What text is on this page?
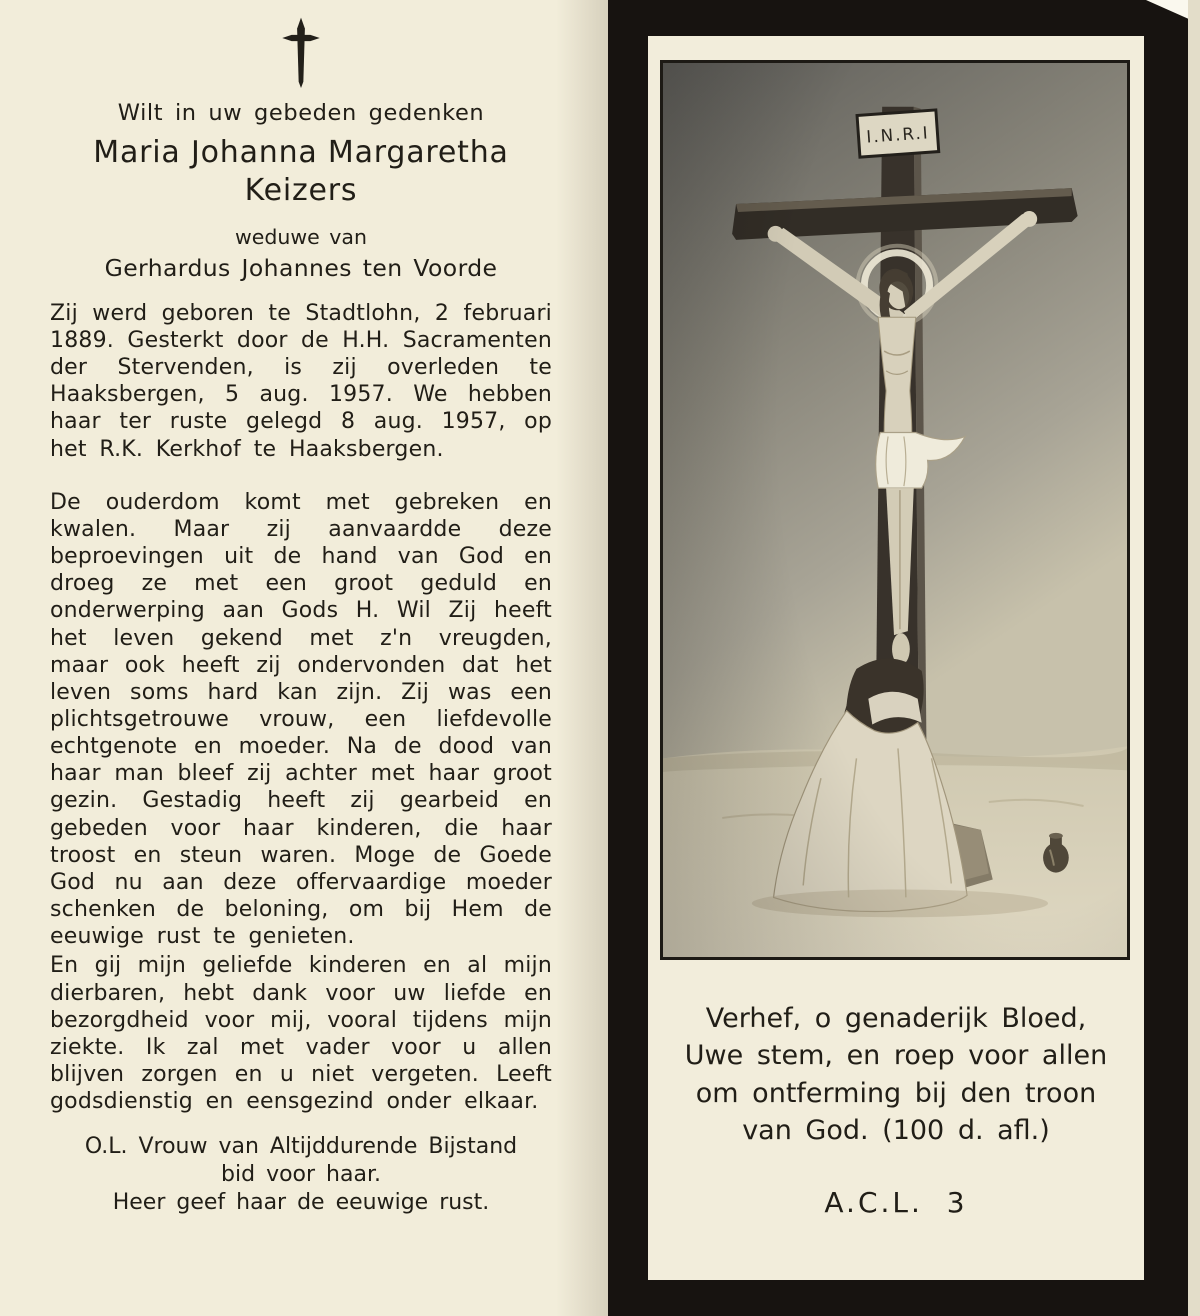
Wilt in uw gebeden gedenken

Maria Johanna Margaretha
Keizers

weduwe van

Gerhardus Johannes ten Voorde

Zij werd geboren te Stadtlohn, 2 februari 1889. Gesterkt door de H.H. Sacramenten der Stervenden, is zij overleden te Haaksbergen, 5 aug. 1957. We hebben haar ter ruste gelegd 8 aug. 1957, op het R.K. Kerkhof te Haaksbergen.

De ouderdom komt met gebreken en kwalen. Maar zij aanvaardde deze beproevingen uit de hand van God en droeg ze met een groot geduld en onderwerping aan Gods H. Wil Zij heeft het leven gekend met z'n vreugden, maar ook heeft zij ondervonden dat het leven soms hard kan zijn. Zij was een plichtsgetrouwe vrouw, een liefdevolle echtgenote en moeder. Na de dood van haar man bleef zij achter met haar groot gezin. Gestadig heeft zij gearbeid en gebeden voor haar kinderen, die haar troost en steun waren. Moge de Goede God nu aan deze offervaardige moeder schenken de beloning, om bij Hem de eeuwige rust te genieten.

En gij mijn geliefde kinderen en al mijn dierbaren, hebt dank voor uw liefde en bezorgdheid voor mij, vooral tijdens mijn ziekte. Ik zal met vader voor u allen blijven zorgen en u niet vergeten. Leeft godsdienstig en eensgezind onder elkaar.

O.L. Vrouw van Altijddurende Bijstand
bid voor haar.
Heer geef haar de eeuwige rust.

Verhef, o genaderijk Bloed, Uwe stem, en roep voor allen om ontferming bij den troon van God. (100 d. afl.)

A.C.L. 3
